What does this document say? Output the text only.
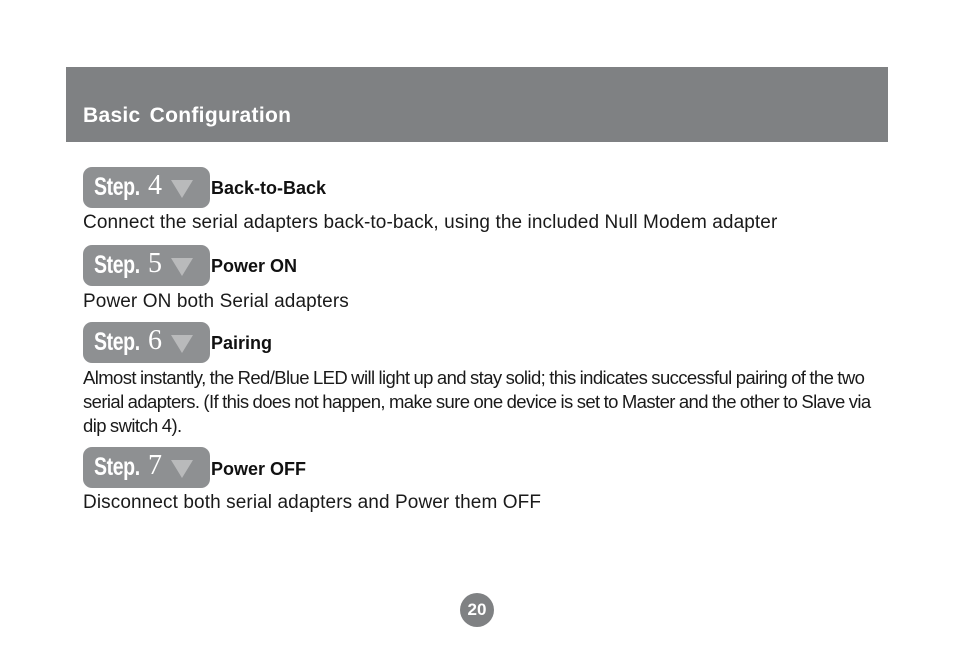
Basic Configuration
Step. 4	Back-to-Back
Connect the serial adapters back-to-back, using the included Null Modem adapter
Step. 5	Power ON
Power ON both Serial adapters
Step. 6	Pairing
Almost instantly, the Red/Blue LED will light up and stay solid; this indicates successful pairing of the two serial adapters. (If this does not happen, make sure one device is set to Master and the other to Slave via dip switch 4).
Step. 7	Power OFF
Disconnect both serial adapters and Power them OFF
20
